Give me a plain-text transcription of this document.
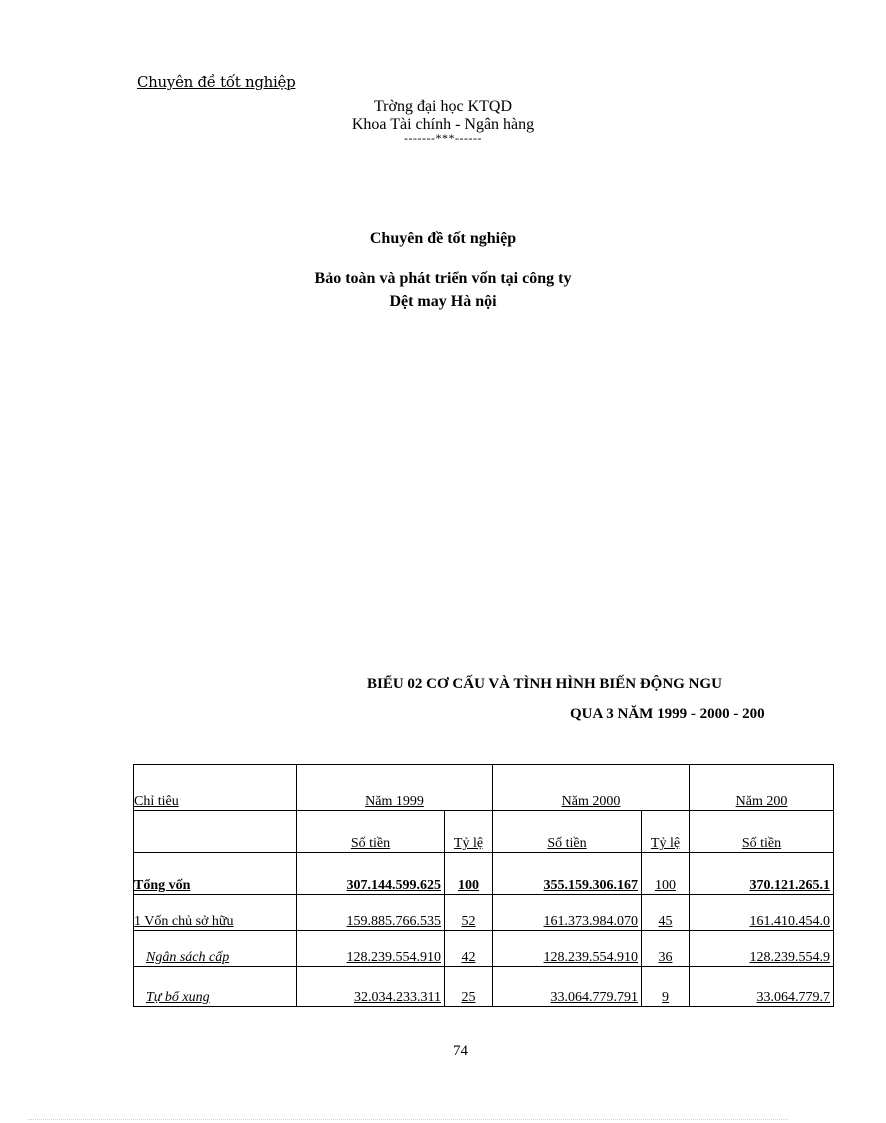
Chuyên đề tốt nghiệp
Trờng đại học KTQD
Khoa Tài chính - Ngân hàng
-------***------
Chuyên đề tốt nghiệp
Bảo toàn và phát triển vốn tại công ty
Dệt may Hà nội
BIỂU 02 CƠ CẤU VÀ TÌNH HÌNH BIẾN ĐỘNG NGU
QUA 3 NĂM 1999 - 2000 - 200
Chỉ tiêu	Năm 1999		Năm 2000		Năm 200
	Số tiền	Tỷ lệ	Số tiền	Tỷ lệ	Số tiền
Tổng vốn	307.144.599.625	100	355.159.306.167	100	370.121.265.1
1 Vốn chủ sở hữu	159.885.766.535	52	161.373.984.070	45	161.410.454.0
Ngân sách cấp	128.239.554.910	42	128.239.554.910	36	128.239.554.9
Tự bổ xung	32.034.233.311	25	33.064.779.791	9	33.064.779.7
74
